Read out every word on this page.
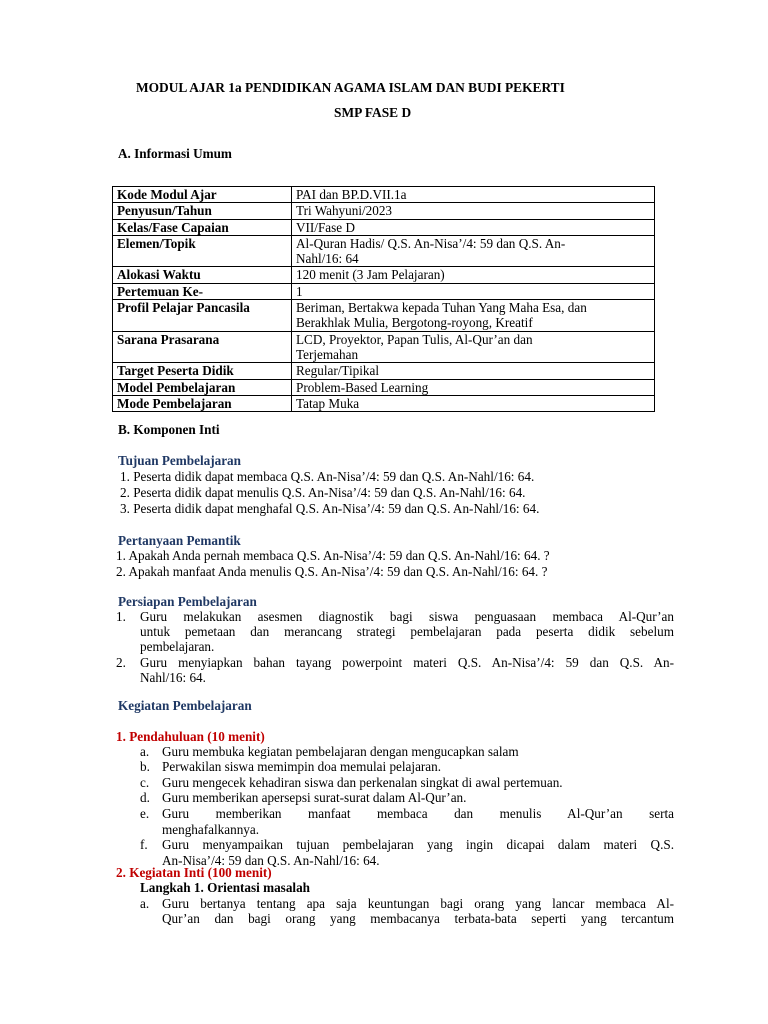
MODUL AJAR 1a PENDIDIKAN AGAMA ISLAM DAN BUDI PEKERTI

SMP FASE D

A. Informasi Umum

Kode Modul Ajar	PAI dan BP.D.VII.1a

Penyusun/Tahun	Tri Wahyuni/2023

Kelas/Fase Capaian	VII/Fase D

Elemen/Topik	Al-Quran Hadis/ Q.S. An-Nisa’/4: 59 dan Q.S. An-
Nahl/16: 64

Alokasi Waktu	120 menit (3 Jam Pelajaran)

Pertemuan Ke-	1

Profil Pelajar Pancasila	Beriman, Bertakwa kepada Tuhan Yang Maha Esa, dan
Berakhlak Mulia, Bergotong-royong, Kreatif

Sarana Prasarana	LCD, Proyektor, Papan Tulis, Al-Qur’an dan
Terjemahan

Target Peserta Didik	Regular/Tipikal

Model Pembelajaran	Problem-Based Learning

Mode Pembelajaran	Tatap Muka

B. Komponen Inti

Tujuan Pembelajaran

1. Peserta didik dapat membaca Q.S. An-Nisa’/4: 59 dan Q.S. An-Nahl/16: 64.

2. Peserta didik dapat menulis Q.S. An-Nisa’/4: 59 dan Q.S. An-Nahl/16: 64.

3. Peserta didik dapat menghafal Q.S. An-Nisa’/4: 59 dan Q.S. An-Nahl/16: 64.

Pertanyaan Pemantik

1. Apakah Anda pernah membaca Q.S. An-Nisa’/4: 59 dan Q.S. An-Nahl/16: 64. ?

2. Apakah manfaat Anda menulis Q.S. An-Nisa’/4: 59 dan Q.S. An-Nahl/16: 64. ?

Persiapan Pembelajaran

1. Guru melakukan asesmen diagnostik bagi siswa penguasaan membaca Al-Qur’an

untuk pemetaan dan merancang strategi pembelajaran pada peserta didik sebelum

pembelajaran.

2. Guru menyiapkan bahan tayang powerpoint materi Q.S. An-Nisa’/4: 59 dan Q.S. An-

Nahl/16: 64.

Kegiatan Pembelajaran

1. Pendahuluan (10 menit)

a. Guru membuka kegiatan pembelajaran dengan mengucapkan salam

b. Perwakilan siswa memimpin doa memulai pelajaran.

c. Guru mengecek kehadiran siswa dan perkenalan singkat di awal pertemuan.

d. Guru memberikan apersepsi surat-surat dalam Al-Qur’an.

e. Guru memberikan manfaat membaca dan menulis Al-Qur’an serta

menghafalkannya.

f. Guru menyampaikan tujuan pembelajaran yang ingin dicapai dalam materi Q.S.

An-Nisa’/4: 59 dan Q.S. An-Nahl/16: 64.

2. Kegiatan Inti (100 menit)

Langkah 1. Orientasi masalah

a. Guru bertanya tentang apa saja keuntungan bagi orang yang lancar membaca Al-

Qur’an dan bagi orang yang membacanya terbata-bata seperti yang tercantum
